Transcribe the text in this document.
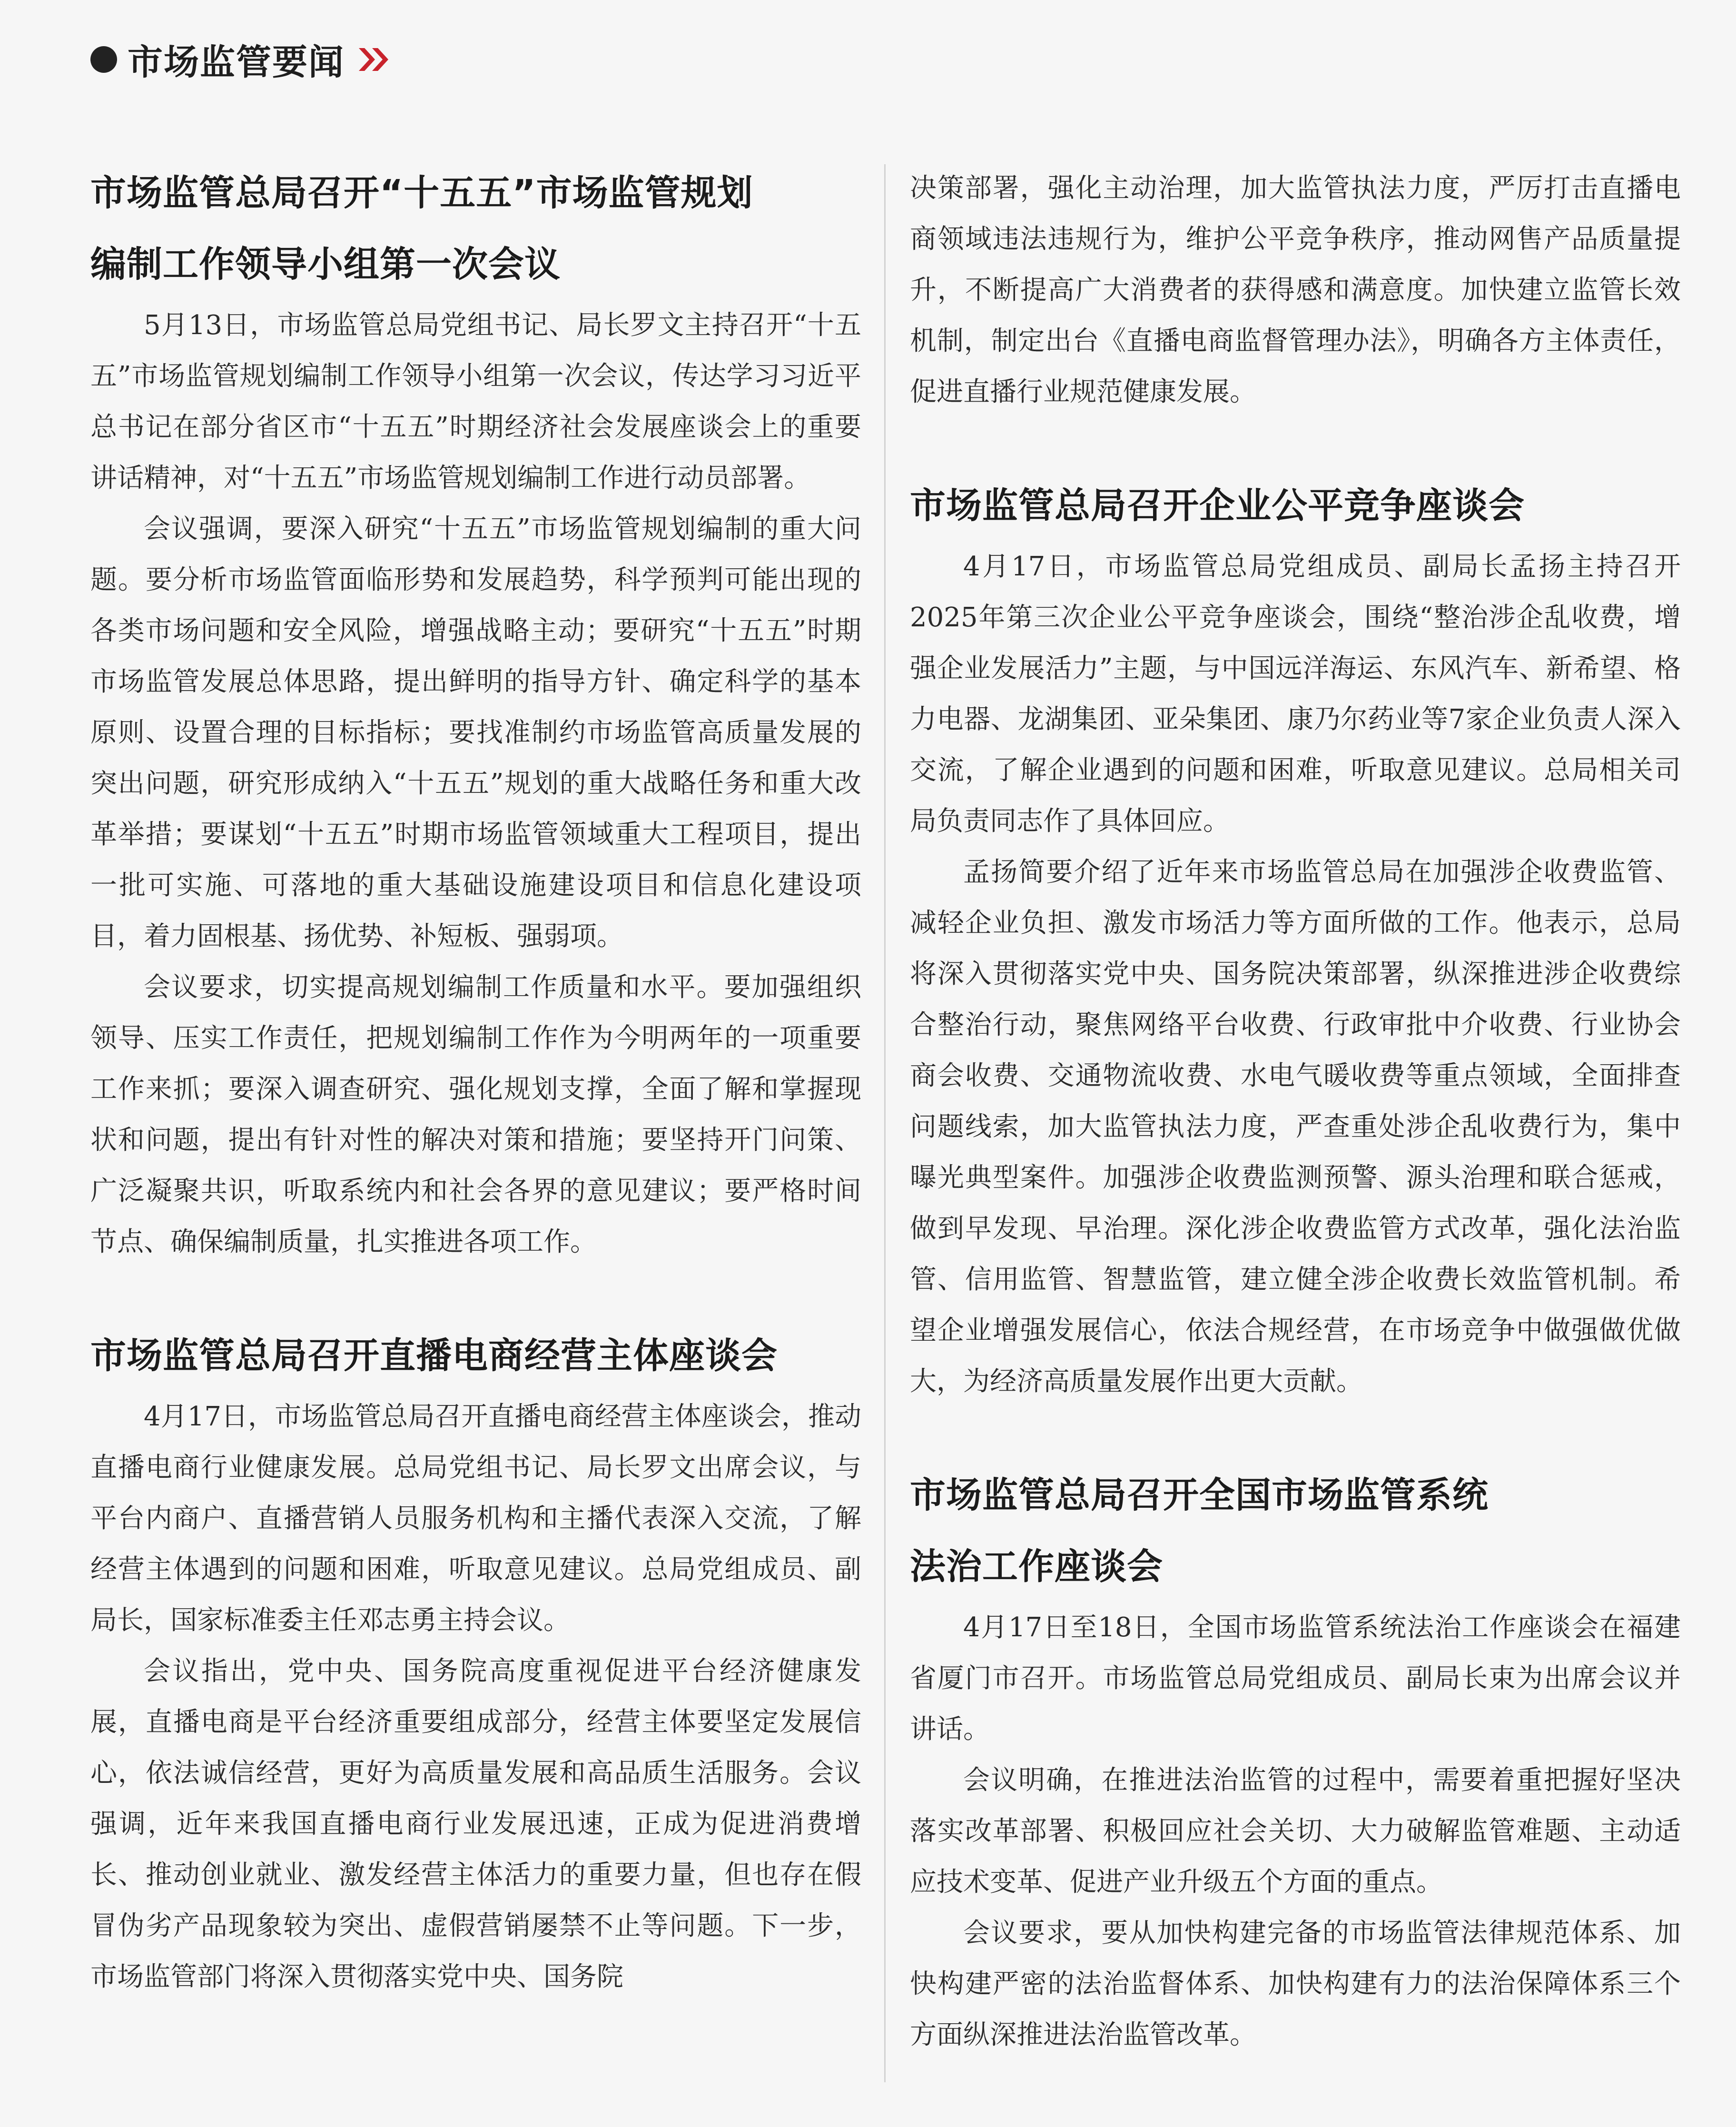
市场监管要闻
市场监管总局召开“十五五”市场监管规划
编制工作领导小组第一次会议

5月13日，市场监管总局党组书记、局长罗文主持召开“十五五”市场监管规划编制工作领导小组第一次会议，传达学习习近平总书记在部分省区市“十五五”时期经济社会发展座谈会上的重要讲话精神，对“十五五”市场监管规划编制工作进行动员部署。

会议强调，要深入研究“十五五”市场监管规划编制的重大问题。要分析市场监管面临形势和发展趋势，科学预判可能出现的各类市场问题和安全风险，增强战略主动；要研究“十五五”时期市场监管发展总体思路，提出鲜明的指导方针、确定科学的基本原则、设置合理的目标指标；要找准制约市场监管高质量发展的突出问题，研究形成纳入“十五五”规划的重大战略任务和重大改革举措；要谋划“十五五”时期市场监管领域重大工程项目，提出一批可实施、可落地的重大基础设施建设项目和信息化建设项目，着力固根基、扬优势、补短板、强弱项。

会议要求，切实提高规划编制工作质量和水平。要加强组织领导、压实工作责任，把规划编制工作作为今明两年的一项重要工作来抓；要深入调查研究、强化规划支撑，全面了解和掌握现状和问题，提出有针对性的解决对策和措施；要坚持开门问策、广泛凝聚共识，听取系统内和社会各界的意见建议；要严格时间节点、确保编制质量，扎实推进各项工作。

市场监管总局召开直播电商经营主体座谈会

4月17日，市场监管总局召开直播电商经营主体座谈会，推动直播电商行业健康发展。总局党组书记、局长罗文出席会议，与平台内商户、直播营销人员服务机构和主播代表深入交流，了解经营主体遇到的问题和困难，听取意见建议。总局党组成员、副局长，国家标准委主任邓志勇主持会议。

会议指出，党中央、国务院高度重视促进平台经济健康发展，直播电商是平台经济重要组成部分，经营主体要坚定发展信心，依法诚信经营，更好为高质量发展和高品质生活服务。会议强调，近年来我国直播电商行业发展迅速，正成为促进消费增长、推动创业就业、激发经营主体活力的重要力量，但也存在假冒伪劣产品现象较为突出、虚假营销屡禁不止等问题。下一步，市场监管部门将深入贯彻落实党中央、国务院

决策部署，强化主动治理，加大监管执法力度，严厉打击直播电商领域违法违规行为，维护公平竞争秩序，推动网售产品质量提升，不断提高广大消费者的获得感和满意度。加快建立监管长效机制，制定出台《直播电商监督管理办法》，明确各方主体责任，促进直播行业规范健康发展。

市场监管总局召开企业公平竞争座谈会

4月17日，市场监管总局党组成员、副局长孟扬主持召开2025年第三次企业公平竞争座谈会，围绕“整治涉企乱收费，增强企业发展活力”主题，与中国远洋海运、东风汽车、新希望、格力电器、龙湖集团、亚朵集团、康乃尔药业等7家企业负责人深入交流，了解企业遇到的问题和困难，听取意见建议。总局相关司局负责同志作了具体回应。

孟扬简要介绍了近年来市场监管总局在加强涉企收费监管、减轻企业负担、激发市场活力等方面所做的工作。他表示，总局将深入贯彻落实党中央、国务院决策部署，纵深推进涉企收费综合整治行动，聚焦网络平台收费、行政审批中介收费、行业协会商会收费、交通物流收费、水电气暖收费等重点领域，全面排查问题线索，加大监管执法力度，严查重处涉企乱收费行为，集中曝光典型案件。加强涉企收费监测预警、源头治理和联合惩戒，做到早发现、早治理。深化涉企收费监管方式改革，强化法治监管、信用监管、智慧监管，建立健全涉企收费长效监管机制。希望企业增强发展信心，依法合规经营，在市场竞争中做强做优做大，为经济高质量发展作出更大贡献。

市场监管总局召开全国市场监管系统
法治工作座谈会

4月17日至18日，全国市场监管系统法治工作座谈会在福建省厦门市召开。市场监管总局党组成员、副局长束为出席会议并讲话。

会议明确，在推进法治监管的过程中，需要着重把握好坚决落实改革部署、积极回应社会关切、大力破解监管难题、主动适应技术变革、促进产业升级五个方面的重点。

会议要求，要从加快构建完备的市场监管法律规范体系、加快构建严密的法治监督体系、加快构建有力的法治保障体系三个方面纵深推进法治监管改革。
